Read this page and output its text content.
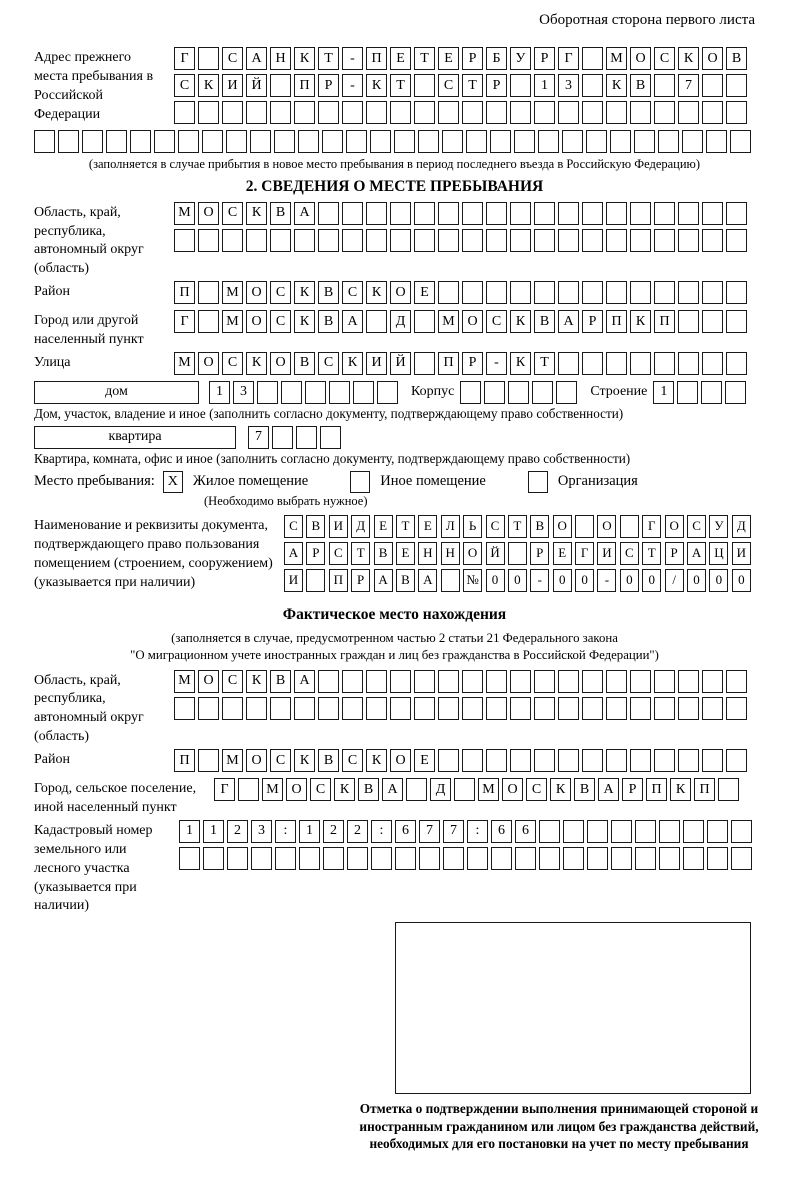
Оборотная сторона первого листа
Адрес прежнего места пребывания в Российской Федерации
Г	С	А Н	К	Т	-	П	Е	Т	Е	Р	Б	У	Р	Г	М О	С	К	О	В
С	К	И Й	П	Р	-	К	Т	С	Т	Р	1	3	К	В	7
(заполняется в случае прибытия в новое место пребывания в период последнего въезда в Российскую Федерацию)
2. СВЕДЕНИЯ О МЕСТЕ ПРЕБЫВАНИЯ
Область, край, республика, автономный округ (область)
М О	С	К	В	А
Район	П	М О	С	К	В	С	К	О	Е
Город или другой населенный пункт
Г	М О	С	К	В	А	Д	М О	С	К	В	А	Р	П	К	П
Улица	М О	С	К	О	В	С	К	И Й	П	Р	-	К	Т
дом	1	3	Корпус	Строение 1
Дом, участок, владение и иное (заполнить согласно документу, подтверждающему право собственности)
квартира	7
Квартира, комната, офис и иное (заполнить согласно документу, подтверждающему право собственности)
Место пребывания: X	Жилое помещение	Иное помещение	Организация
(Необходимо выбрать нужное)
Наименование и реквизиты документа, подтверждающего право пользования помещением (строением, сооружением) (указывается при наличии)
С	В	И	Д	Е	Т	Е	Л	Ь	С	Т	В	О	О	Г	О	С	У	Д
А	Р	С	Т	В	Е	Н	Н	О	Й	Р	Е	Г	И	С	Т	Р	А	Ц	И
И	П	Р	А	В	А	№ 0	0	-	0	0	-	0	0	/	0	0	0
Фактическое место нахождения
(заполняется в случае, предусмотренном частью 2 статьи 21 Федерального закона
"О миграционном учете иностранных граждан и лиц без гражданства в Российской Федерации")
Область, край, республика, автономный округ (область)
М О	С	К	В	А
Район	П	М О	С	К	В	С	К	О	Е
Город, сельское поселение, иной населенный пункт
Г	М О	С	К	В	А	Д	М О	С	К	В	А	Р	П	К	П
Кадастровый номер земельного или лесного участка (указывается при наличии)
1	1	2	3	:	1	2	2	:	6	7	7	:	6	6
Отметка о подтверждении выполнения принимающей стороной и иностранным гражданином или лицом без гражданства действий, необходимых для его постановки на учет по месту пребывания
